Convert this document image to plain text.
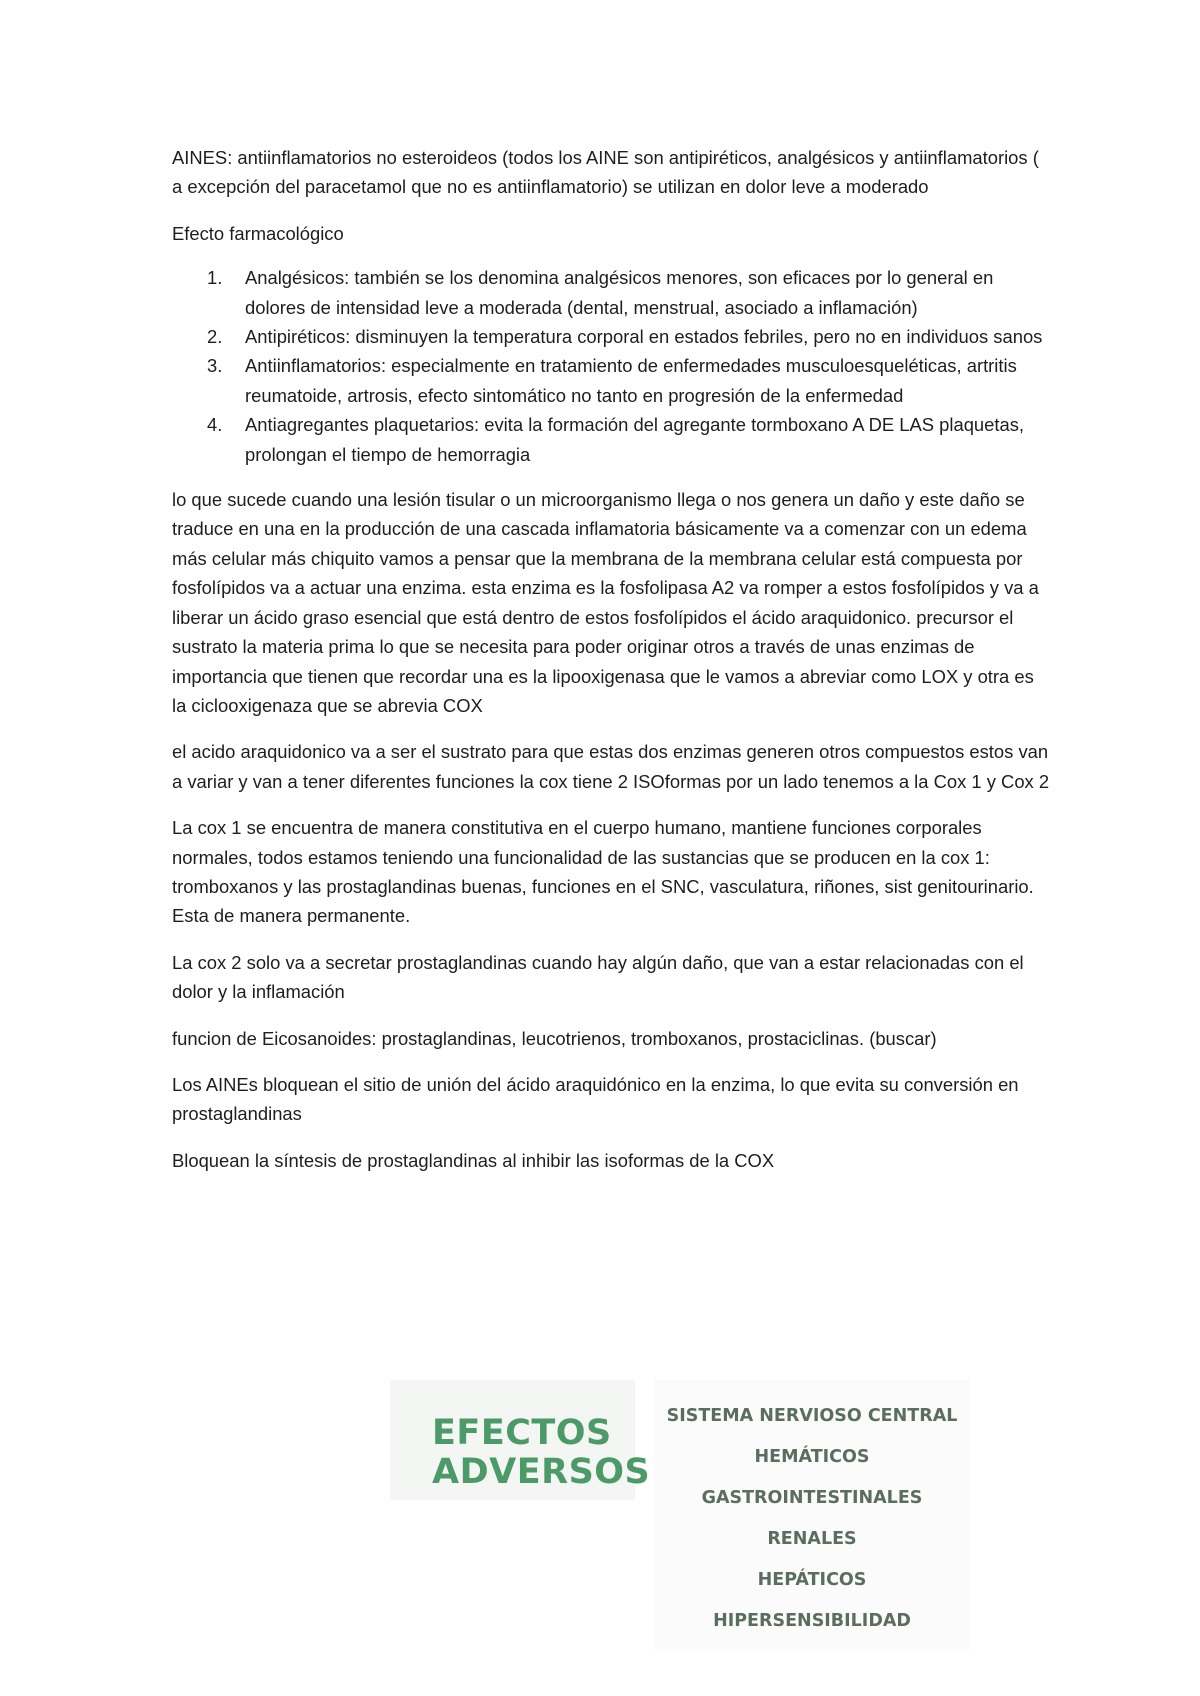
AINES: antiinflamatorios no esteroideos (todos los AINE son antipiréticos, analgésicos y antiinflamatorios ( a excepción del paracetamol que no es antiinflamatorio) se utilizan en dolor leve a moderado

Efecto farmacológico

1. Analgésicos: también se los denomina analgésicos menores, son eficaces por lo general en dolores de intensidad leve a moderada (dental, menstrual, asociado a inflamación)
2. Antipiréticos: disminuyen la temperatura corporal en estados febriles, pero no en individuos sanos
3. Antiinflamatorios: especialmente en tratamiento de enfermedades musculoesqueléticas, artritis reumatoide, artrosis, efecto sintomático no tanto en progresión de la enfermedad
4. Antiagregantes plaquetarios: evita la formación del agregante tormboxano A DE LAS plaquetas, prolongan el tiempo de hemorragia

lo que sucede cuando una lesión tisular o un microorganismo llega o nos genera un daño y este daño se traduce en una en la producción de una cascada inflamatoria básicamente va a comenzar con un edema más celular más chiquito vamos a pensar que la membrana de la membrana celular está compuesta por fosfolípidos va a actuar una enzima. esta enzima es la fosfolipasa A2 va romper a estos fosfolípidos y va a liberar un ácido graso esencial que está dentro de estos fosfolípidos el ácido araquidonico. precursor el sustrato la materia prima lo que se necesita para poder originar otros a través de unas enzimas de importancia que tienen que recordar una es la lipooxigenasa que le vamos a abreviar como LOX y otra es la ciclooxigenaza que se abrevia COX

el acido araquidonico va a ser el sustrato para que estas dos enzimas generen otros compuestos estos van a variar y van a tener diferentes funciones la cox tiene 2 ISOformas por un lado tenemos a la Cox 1 y Cox 2

La cox 1 se encuentra de manera constitutiva en el cuerpo humano, mantiene funciones corporales normales, todos estamos teniendo una funcionalidad de las sustancias que se producen en la cox 1: tromboxanos y las prostaglandinas buenas, funciones en el SNC, vasculatura, riñones, sist genitourinario. Esta de manera permanente.

La cox 2 solo va a secretar prostaglandinas cuando hay algún daño, que van a estar relacionadas con el dolor y la inflamación

funcion de Eicosanoides: prostaglandinas, leucotrienos, tromboxanos, prostaciclinas. (buscar)

Los AINEs bloquean el sitio de unión del ácido araquidónico en la enzima, lo que evita su conversión en prostaglandinas

Bloquean la síntesis de prostaglandinas al inhibir las isoformas de la COX

EFECTOS
ADVERSOS
SISTEMA NERVIOSO CENTRAL
HEMÁTICOS
GASTROINTESTINALES
RENALES
HEPÁTICOS
HIPERSENSIBILIDAD
